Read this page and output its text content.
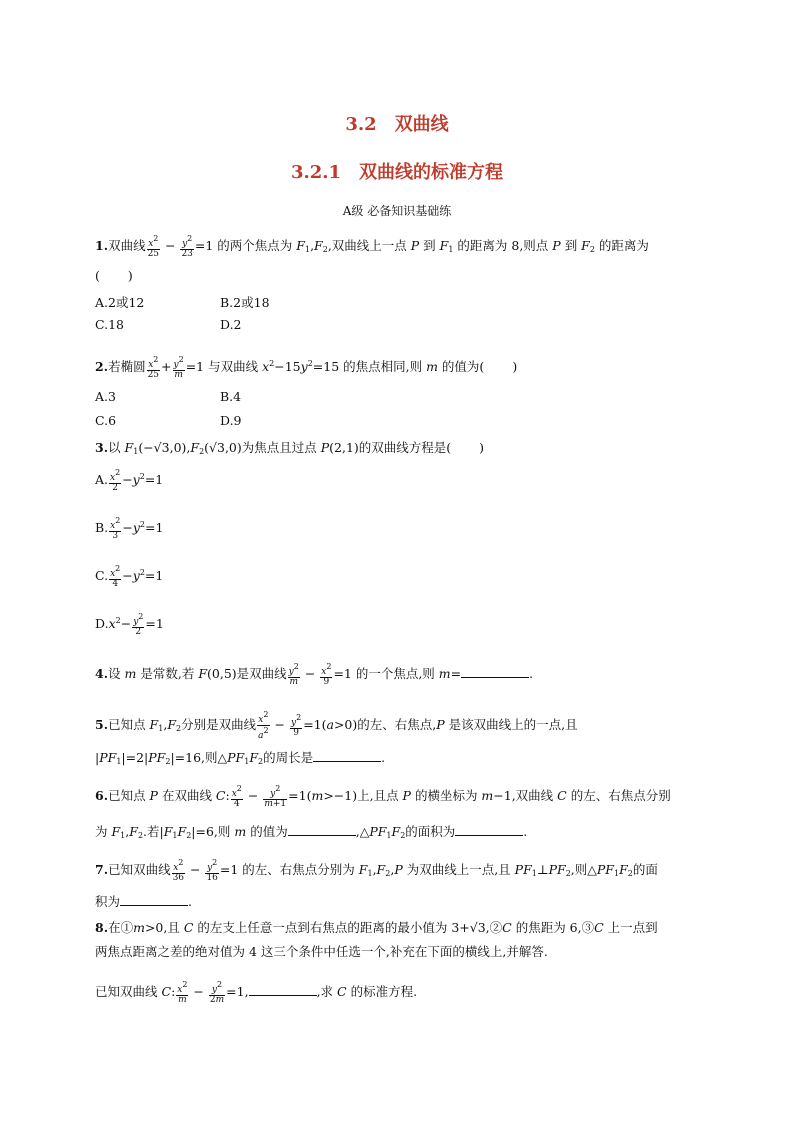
3.2　双曲线
3.2.1　双曲线的标准方程
A级 必备知识基础练
1.双曲线 $\frac{x^2}{25} - \frac{y^2}{23} =1$ 的两个焦点为 $F_1,F_2$,双曲线上一点 P 到 $F_1$ 的距离为 8,则点 P 到 $F_2$ 的距离为
( )
A.2或12	B.2或18
C.18	D.2
2.若椭圆 $\frac{x^2}{25} + \frac{y^2}{m} =1$ 与双曲线 $x^2-15y^2=15$ 的焦点相同,则 m 的值为( )
A.3	B.4
C.6	D.9
3.以 $F_1(-√3,0),F_2(√3,0)$为焦点且过点 P(2,1)的双曲线方程是( )
A. $\frac{x^2}{2} -y^2=1$
B. $\frac{x^2}{3} -y^2=1$
C. $\frac{x^2}{4} -y^2=1$
$D.x^2- \frac{y^2}{2} =1$
4.设 m 是常数,若 F(0,5)是双曲线 $\frac{y^2}{m} - \frac{x^2}{9} =1$ 的一个焦点,则 m=	.
5.已知点 $F_1,F_2$分别是双曲线 $\frac{x^2}{a^2} - \frac{y^2}{9} =1(a>0)$的左、右焦点,P 是该双曲线上的一点,且
$|PF_1|=2|PF_2|=16$,则$\triangle PF_1F_2$的周长是	.
6.已知点 P 在双曲线 C: $\frac{x^2}{4} - \frac{y^2}{m+1} =1(m>-1)$上,且点 P 的横坐标为 m−1,双曲线 C 的左、右焦点分别
为 $F_1,F_2$.若$|F_1F_2|=6$,则 m 的值为	$,\triangle PF_1F_2$的面积为	.
7.已知双曲线 $\frac{x^2}{36} - \frac{y^2}{16} =1$ 的左、右焦点分别为 $F_1,F_2,P$ 为双曲线上一点,且 $PF_1\perp PF_2$,则$\triangle PF_1F_2$的面
积为	.
8.在①m>0,且 C 的左支上任意一点到右焦点的距离的最小值为 3+√3,②C 的焦距为 6,③C 上一点到
两焦点距离之差的绝对值为 4 这三个条件中任选一个,补充在下面的横线上,并解答.
已知双曲线 C: $\frac{x^2}{m} - \frac{y^2}{2m} =1$,	,求 C 的标准方程.
